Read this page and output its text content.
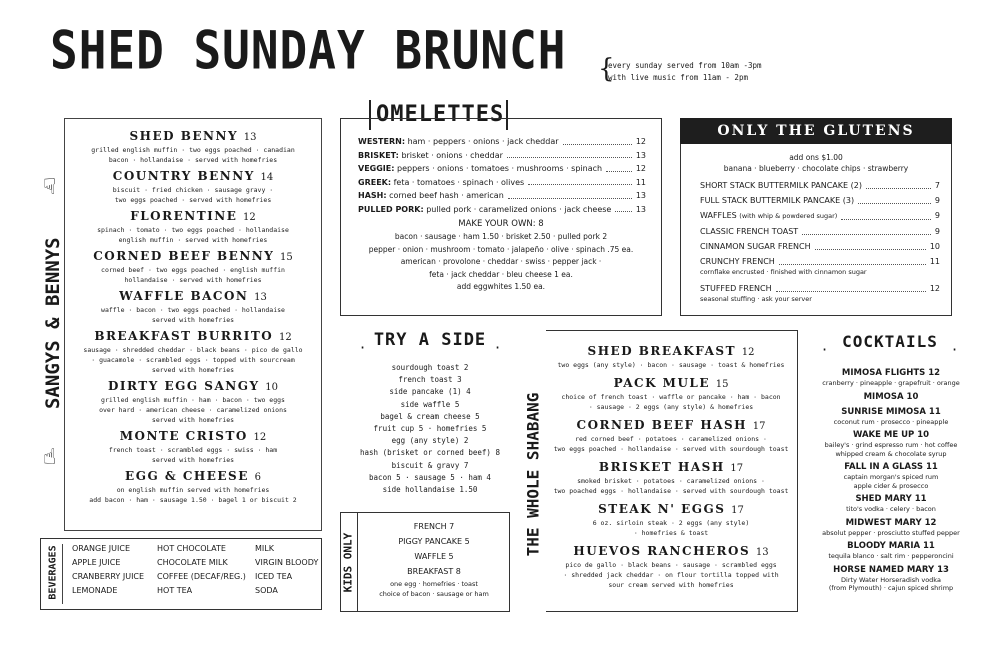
SHED SUNDAY BRUNCH {
every sunday served from 10am -3pm
with live music from 11am - 2pm
☟
☝
SANGYS & BENNYS
SHED BENNY 13
grilled english muffin · two eggs poached · canadian
bacon · hollandaise · served with homefries
COUNTRY BENNY 14
biscuit · fried chicken · sausage gravy ·
two eggs poached · served with homefries
FLORENTINE 12
spinach · tomato · two eggs poached · hollandaise
english muffin · served with homefries
CORNED BEEF BENNY 15
corned beef · two eggs poached · english muffin
hollandaise · served with homefries
WAFFLE BACON 13
waffle · bacon · two eggs poached · hollandaise
served with homefries
BREAKFAST BURRITO 12
sausage · shredded cheddar · black beans · pico de gallo
· guacamole · scrambled eggs · topped with sourcream
served with homefries
DIRTY EGG SANGY 10
grilled english muffin · ham · bacon · two eggs
over hard · american cheese · caramelized onions
served with homefries
MONTE CRISTO 12
french toast · scrambled eggs · swiss · ham
served with homefries
EGG & CHEESE 6
on english muffin served with homefries
add bacon · ham · sausage 1.50 · bagel 1 or biscuit 2
BEVERAGES ORANGE JUICE	HOT CHOCOLATE	MILK
APPLE JUICE	CHOCOLATE MILK	VIRGIN BLOODY
CRANBERRY JUICE	COFFEE (DECAF/REG.)	ICED TEA
LEMONADE	HOT TEA	SODA
OMELETTES
WESTERN: ham · peppers · onions · jack cheddar	12
BRISKET: brisket · onions · cheddar	13
VEGGIE: peppers · onions · tomatoes · mushrooms · spinach	12
GREEK: feta · tomatoes · spinach · olives	11
HASH: corned beef hash · american	13
PULLED PORK: pulled pork · caramelized onions · jack cheese	13
MAKE YOUR OWN: 8
bacon · sausage · ham 1.50 · brisket 2.50 · pulled pork 2
pepper · onion · mushroom · tomato · jalapeño · olive · spinach .75 ea.
american · provolone · cheddar · swiss · pepper jack ·
feta · jack cheddar · bleu cheese 1 ea.
add eggwhites 1.50 ea.
ONLY THE GLUTENS
add ons $1.00
banana · blueberry · chocolate chips · strawberry
SHORT STACK BUTTERMILK PANCAKE (2)	7
FULL STACK BUTTERMILK PANCAKE (3)	9
WAFFLES (with whip & powdered sugar)	9
CLASSIC FRENCH TOAST	9
CINNAMON SUGAR FRENCH	10
CRUNCHY FRENCH	11
cornflake encrusted · finished with cinnamon sugar
STUFFED FRENCH	12
seasonal stuffing · ask your server
TRY A SIDE
·	·
sourdough toast 2
french toast 3
side pancake (1) 4
side waffle 5
bagel & cream cheese 5
fruit cup 5 · homefries 5
egg (any style) 2
hash (brisket or corned beef) 8
biscuit & gravy 7
bacon 5 · sausage 5 · ham 4
side hollandaise 1.50
KIDS ONLY
FRENCH 7
PIGGY PANCAKE 5
WAFFLE 5
BREAKFAST 8
one egg · homefries · toast
choice of bacon · sausage or ham
THE WHOLE SHABANG
SHED BREAKFAST 12
two eggs (any style) · bacon · sausage · toast & homefries
PACK MULE 15
choice of french toast · waffle or pancake · ham · bacon
· sausage · 2 eggs (any style) & homefries
CORNED BEEF HASH 17
red corned beef · potatoes · caramelized onions ·
two eggs poached · hollandaise · served with sourdough toast
BRISKET HASH 17
smoked brisket · potatoes · caramelized onions ·
two poached eggs · hollandaise · served with sourdough toast
STEAK N' EGGS 17
6 oz. sirloin steak · 2 eggs (any style)
· homefries & toast
HUEVOS RANCHEROS 13
pico de gallo · black beans · sausage · scrambled eggs
· shredded jack cheddar · on flour tortilla topped with
sour cream served with homefries
COCKTAILS
·	·
MIMOSA FLIGHTS 12
cranberry · pineapple · grapefruit · orange
MIMOSA 10
SUNRISE MIMOSA 11
coconut rum · prosecco · pineapple
WAKE ME UP 10
bailey's · grind espresso rum · hot coffee
whipped cream & chocolate syrup
FALL IN A GLASS 11
captain morgan's spiced rum
apple cider & prosecco
SHED MARY 11
tito's vodka · celery · bacon
MIDWEST MARY 12
absolut pepper · prosciutto stuffed pepper
BLOODY MARIA 11
tequila blanco · salt rim · pepperoncini
HORSE NAMED MARY 13
Dirty Water Horseradish vodka
(from Plymouth) · cajun spiced shrimp
